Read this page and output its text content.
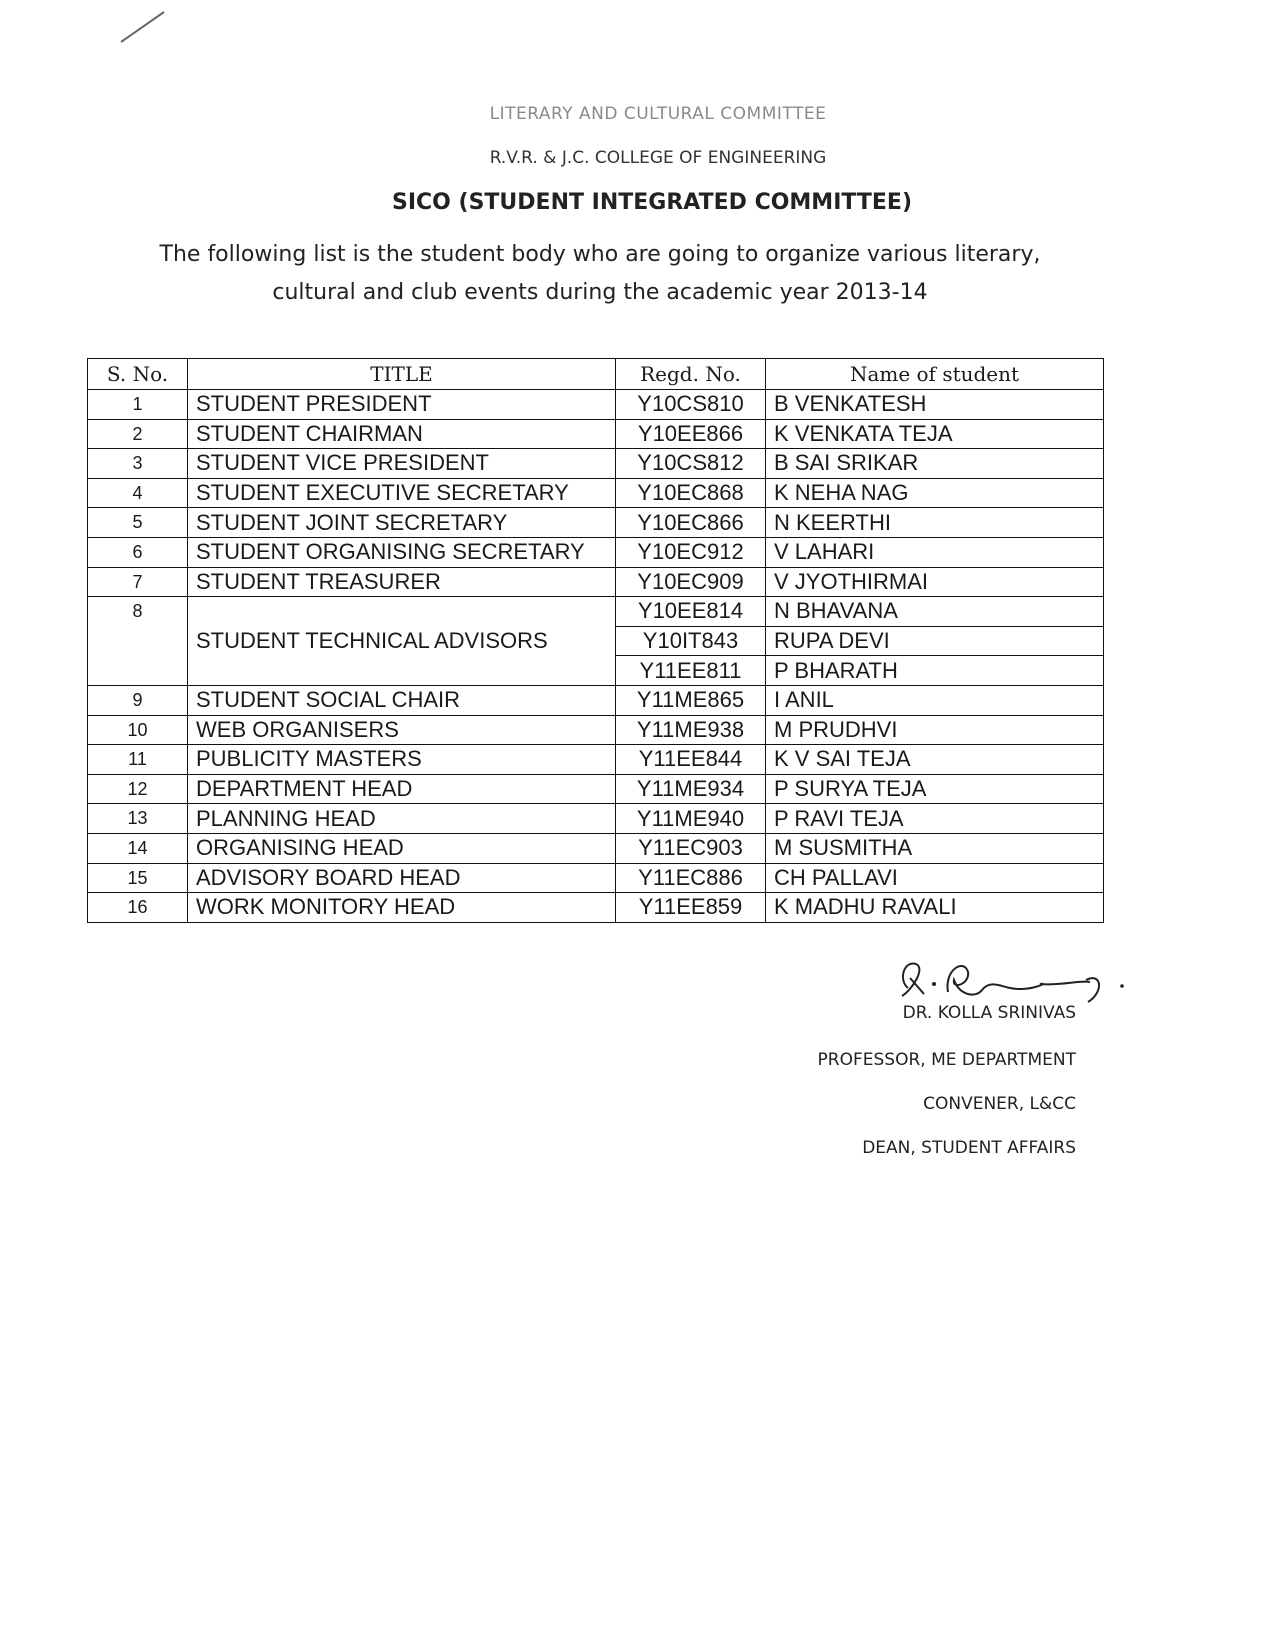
LITERARY AND CULTURAL COMMITTEE
R.V.R. & J.C. COLLEGE OF ENGINEERING
SICO (STUDENT INTEGRATED COMMITTEE)
The following list is the student body who are going to organize various literary,
cultural and club events during the academic year 2013-14
S. No.	TITLE	Regd. No.	Name of student
1	STUDENT PRESIDENT	Y10CS810	B VENKATESH
2	STUDENT CHAIRMAN	Y10EE866	K VENKATA TEJA
3	STUDENT VICE PRESIDENT	Y10CS812	B SAI SRIKAR
4	STUDENT EXECUTIVE SECRETARY	Y10EC868	K NEHA NAG
5	STUDENT JOINT SECRETARY	Y10EC866	N KEERTHI
6	STUDENT ORGANISING SECRETARY	Y10EC912	V LAHARI
7	STUDENT TREASURER	Y10EC909	V JYOTHIRMAI
8	STUDENT TECHNICAL ADVISORS	Y10EE814	N BHAVANA
		Y10IT843	RUPA DEVI
		Y11EE811	P BHARATH
9	STUDENT SOCIAL CHAIR	Y11ME865	I ANIL
10	WEB ORGANISERS	Y11ME938	M PRUDHVI
11	PUBLICITY MASTERS	Y11EE844	K V SAI TEJA
12	DEPARTMENT HEAD	Y11ME934	P SURYA TEJA
13	PLANNING HEAD	Y11ME940	P RAVI TEJA
14	ORGANISING HEAD	Y11EC903	M SUSMITHA
15	ADVISORY BOARD HEAD	Y11EC886	CH PALLAVI
16	WORK MONITORY HEAD	Y11EE859	K MADHU RAVALI
DR. KOLLA SRINIVAS
PROFESSOR, ME DEPARTMENT
CONVENER, L&CC
DEAN, STUDENT AFFAIRS
